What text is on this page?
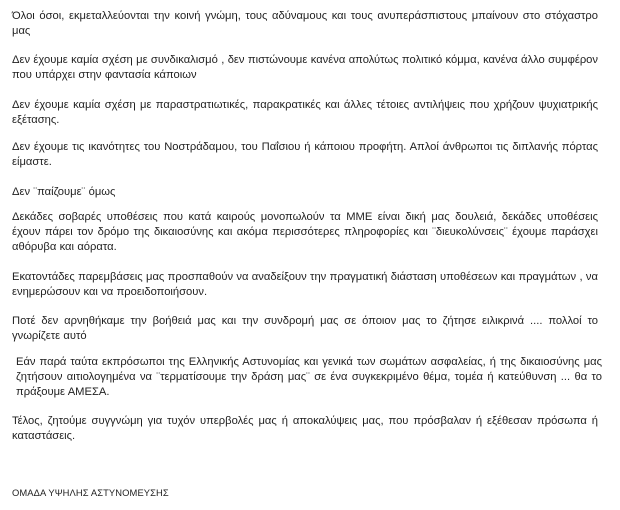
Όλοι όσοι, εκμεταλλεύονται την κοινή γνώμη, τους αδύναμους και τους ανυπεράσπιστους μπαίνουν στο στόχαστρο μας

Δεν έχουμε καμία σχέση με συνδικαλισμό , δεν πιστώνουμε κανένα απολύτως πολιτικό κόμμα, κανένα άλλο συμφέρον που υπάρχει στην φαντασία κάποιων

Δεν έχουμε καμία σχέση με παραστρατιωτικές, παρακρατικές και άλλες τέτοιες αντιλήψεις που χρήζουν ψυχιατρικής εξέτασης.

Δεν έχουμε τις ικανότητες του Νοστράδαμου, του Παΐσιου ή κάποιου προφήτη. Απλοί άνθρωποι τις διπλανής πόρτας είμαστε.

Δεν ¨παίζουμε¨ όμως

Δεκάδες σοβαρές υποθέσεις που κατά καιρούς μονοπωλούν τα ΜΜΕ είναι δική μας δουλειά, δεκάδες υποθέσεις έχουν πάρει τον δρόμο της δικαιοσύνης και ακόμα περισσότερες πληροφορίες και ¨διευκολύνσεις¨ έχουμε παράσχει αθόρυβα και αόρατα.

Εκατοντάδες παρεμβάσεις μας προσπαθούν να αναδείξουν την πραγματική διάσταση υποθέσεων και πραγμάτων , να ενημερώσουν και να προειδοποιήσουν.

Ποτέ δεν αρνηθήκαμε την βοήθειά μας και την συνδρομή μας σε όποιον μας το ζήτησε ειλικρινά .... πολλοί το γνωρίζετε αυτό

Εάν παρά ταύτα εκπρόσωποι της Ελληνικής Αστυνομίας και γενικά των σωμάτων ασφαλείας, ή της δικαιοσύνης μας ζητήσουν αιτιολογημένα να ¨τερματίσουμε την δράση μας¨ σε ένα συγκεκριμένο θέμα, τομέα ή κατεύθυνση ... θα το πράξουμε ΑΜΕΣΑ.

Τέλος, ζητούμε συγγνώμη για τυχόν υπερβολές μας ή αποκαλύψεις μας, που πρόσβαλαν ή εξέθεσαν πρόσωπα ή καταστάσεις.

ΟΜΑΔΑ ΥΨΗΛΗΣ ΑΣΤΥΝΟΜΕΥΣΗΣ
